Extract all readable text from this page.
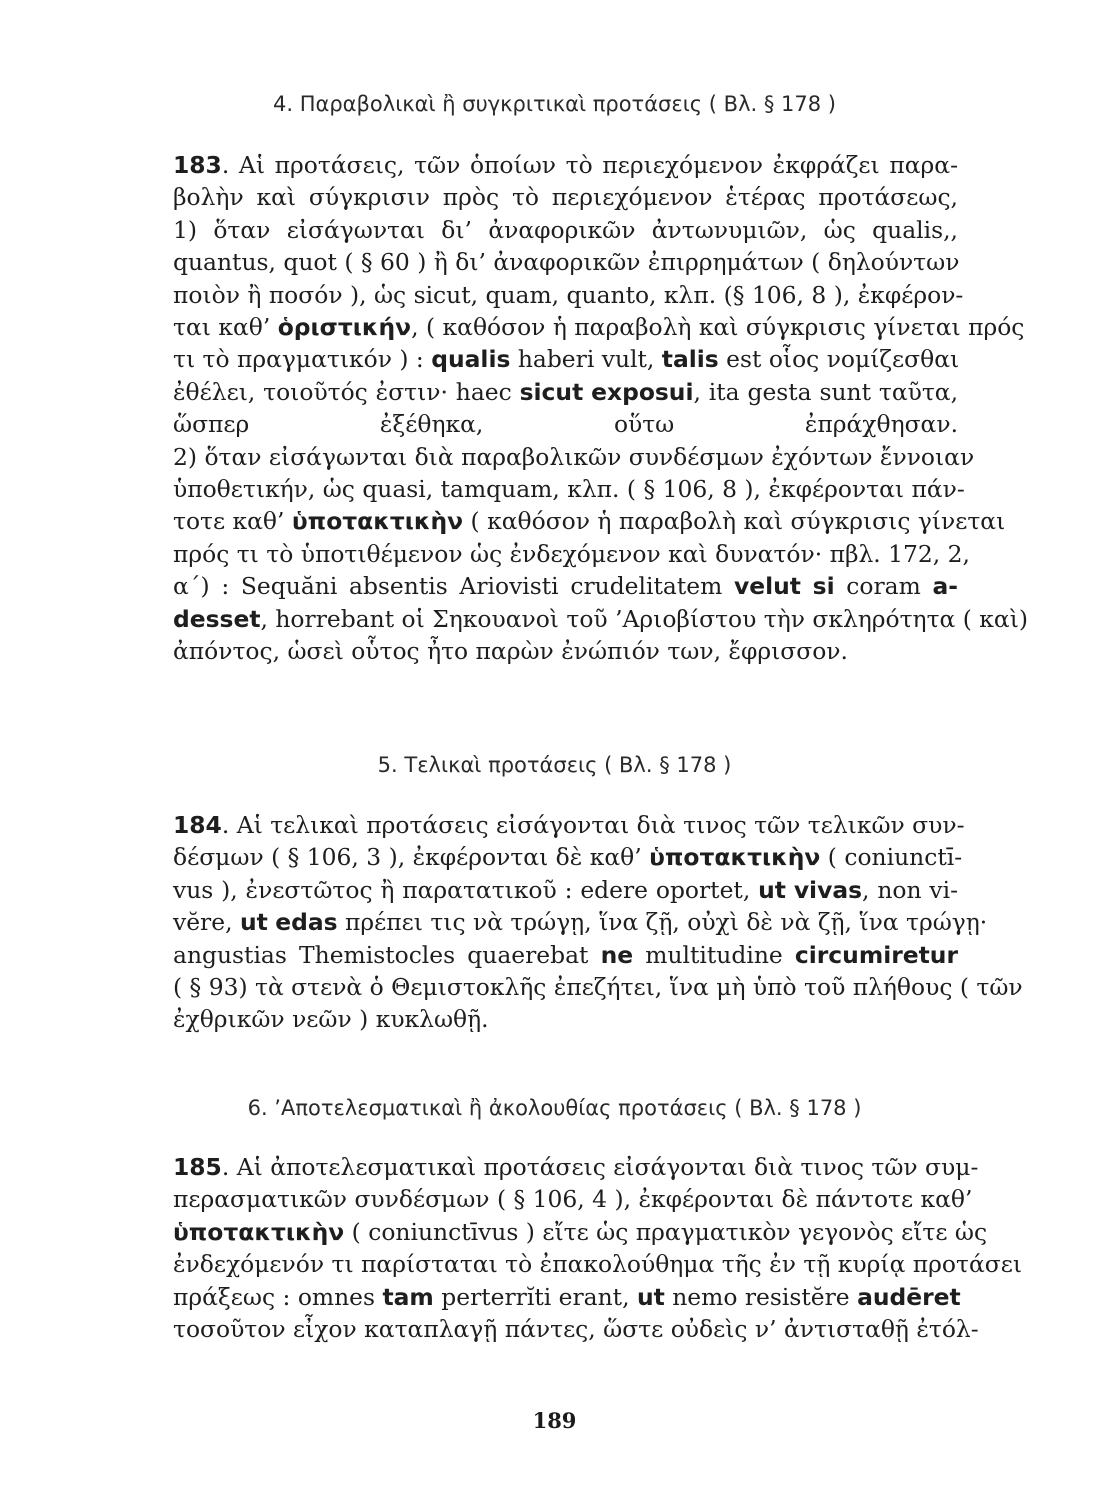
4. Παραβολικαὶ ἢ συγκριτικαὶ προτάσεις ( Βλ. § 178 )
183. Αἱ προτάσεις, τῶν ὁποίων τὸ περιεχόμενον ἐκφράζει παρα-
βολὴν καὶ σύγκρισιν πρὸς τὸ περιεχόμενον ἑτέρας προτάσεως,
1) ὅταν εἰσάγωνται δι’ ἀναφορικῶν ἀντωνυμιῶν, ὡς qualis,,
quantus, quot ( § 60 ) ἢ δι’ ἀναφορικῶν ἐπιρρημάτων ( δηλούντων
ποιὸν ἢ ποσόν ), ὡς sicut, quam, quanto, κλπ. (§ 106, 8 ), ἐκφέρον-
ται καθ’ ὁριστικήν, ( καθόσον ἡ παραβολὴ καὶ σύγκρισις γίνεται πρός
τι τὸ πραγματικόν ) : qualis haberi vult, talis est οἷος νομίζεσθαι
ἐθέλει, τοιοῦτός ἐστιν· haec sicut exposui, ita gesta sunt ταῦτα,
ὥσπερ ἐξέθηκα, οὕτω ἐπράχθησαν.
2) ὅταν εἰσάγωνται διὰ παραβολικῶν συνδέσμων ἐχόντων ἔννοιαν
ὑποθετικήν, ὡς quasi, tamquam, κλπ. ( § 106, 8 ), ἐκφέρονται πάν-
τοτε καθ’ ὑποτακτικὴν ( καθόσον ἡ παραβολὴ καὶ σύγκρισις γίνεται
πρός τι τὸ ὑποτιθέμενον ὡς ἐνδεχόμενον καὶ δυνατόν· πβλ. 172, 2,
α΄) : Sequăni absentis Ariovisti crudelitatem velut si coram a-
desset, horrebant οἱ Σηκουανοὶ τοῦ ’Αριοβίστου τὴν σκληρότητα ( καὶ)
ἀπόντος, ὡσεὶ οὗτος ἦτο παρὼν ἐνώπιόν των, ἔφρισσον.
5. Τελικαὶ προτάσεις ( Βλ. § 178 )
184. Αἱ τελικαὶ προτάσεις εἰσάγονται διὰ τινος τῶν τελικῶν συν-
δέσμων ( § 106, 3 ), ἐκφέρονται δὲ καθ’ ὑποτακτικὴν ( coniunctī-
vus ), ἐνεστῶτος ἢ παρατατικοῦ : edere oportet, ut vivas, non vi-
vĕre, ut edas πρέπει τις νὰ τρώγῃ, ἵνα ζῇ, οὐχὶ δὲ νὰ ζῇ, ἵνα τρώγῃ·
angustias Themistocles quaerebat ne multitudine circumiretur
( § 93) τὰ στενὰ ὁ Θεμιστοκλῆς ἐπεζήτει, ἵνα μὴ ὑπὸ τοῦ πλήθους ( τῶν
ἐχθρικῶν νεῶν ) κυκλωθῇ.
6. ’Αποτελεσματικαὶ ἢ ἀκολουθίας προτάσεις ( Βλ. § 178 )
185. Αἱ ἀποτελεσματικαὶ προτάσεις εἰσάγονται διὰ τινος τῶν συμ-
περασματικῶν συνδέσμων ( § 106, 4 ), ἐκφέρονται δὲ πάντοτε καθ’
ὑποτακτικὴν ( coniunctīvus ) εἴτε ὡς πραγματικὸν γεγονὸς εἴτε ὡς
ἐνδεχόμενόν τι παρίσταται τὸ ἐπακολούθημα τῆς ἐν τῇ κυρίᾳ προτάσει
πράξεως : omnes tam perterrĭti erant, ut nemo resistĕre audēret
τοσοῦτον εἶχον καταπλαγῇ πάντες, ὥστε οὐδεὶς ν’ ἀντισταθῇ ἐτόλ-
189
